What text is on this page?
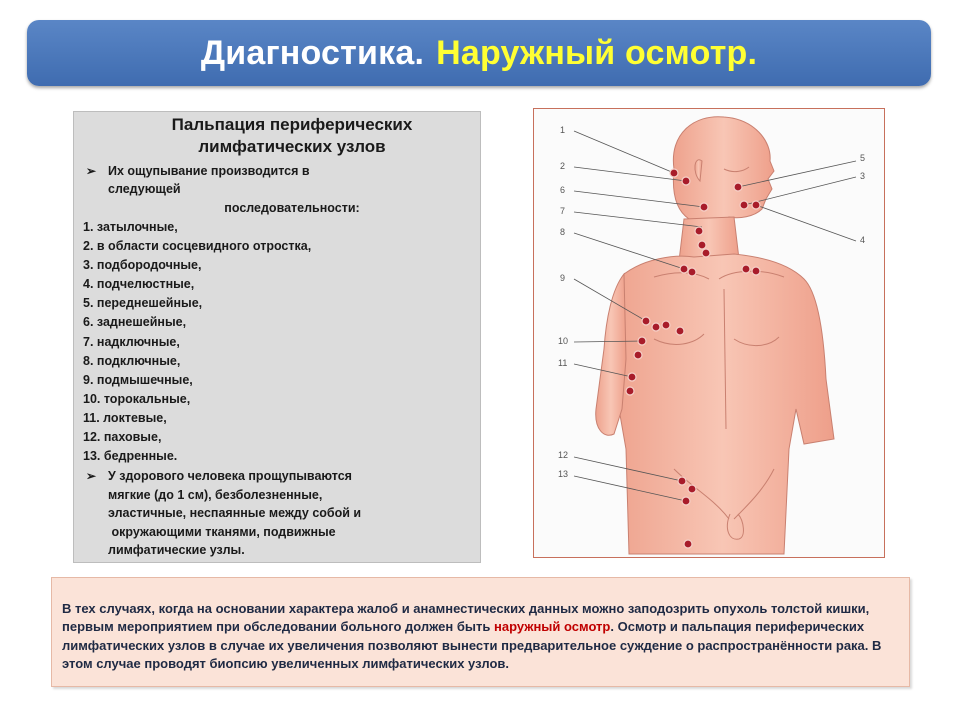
Диагностика. Наружный осмотр.
Пальпация периферических
лимфатических узлов
➢ Их ощупывание производится в
следующей
последовательности:
1. затылочные,
2. в области сосцевидного отростка,
3. подбородочные,
4. подчелюстные,
5. переднешейные,
6. заднешейные,
7. надключные,
8. подключные,
9. подмышечные,
10. торокальные,
11. локтевые,
12. паховые,
13. бедренные.
➢ У здорового человека прощупываются
мягкие (до 1 см), безболезненные,
эластичные, неспаянные между собой и
окружающими тканями, подвижные
лимфатические узлы.
1
2
6
7
8
9
10
11
12
13
5
3
4
В тех случаях, когда на основании характера жалоб и анамнестических данных можно заподозрить опухоль толстой кишки, первым мероприятием при обследовании больного должен быть наружный осмотр. Осмотр и пальпация периферических лимфатических узлов в случае их увеличения позволяют вынести предварительное суждение о распространённости рака. В этом случае проводят биопсию увеличенных лимфатических узлов.
